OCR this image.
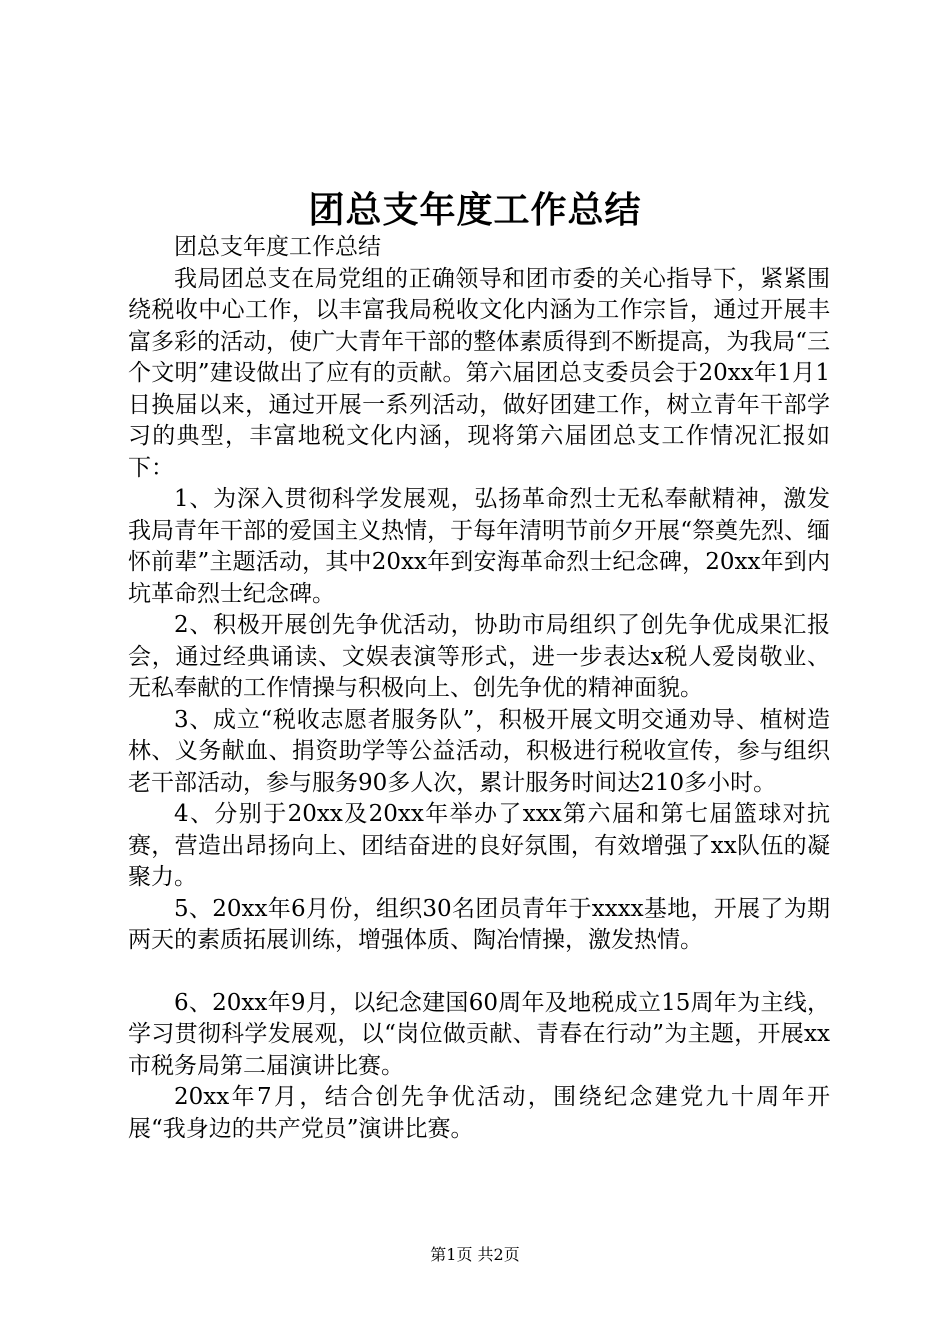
团总支年度工作总结

团总支年度工作总结

我局团总支在局党组的正确领导和团市委的关心指导下，紧紧围绕税收中心工作，以丰富我局税收文化内涵为工作宗旨，通过开展丰富多彩的活动，使广大青年干部的整体素质得到不断提高，为我局“三个文明”建设做出了应有的贡献。第六届团总支委员会于20xx年1月1日换届以来，通过开展一系列活动，做好团建工作，树立青年干部学习的典型，丰富地税文化内涵，现将第六届团总支工作情况汇报如下：

1、为深入贯彻科学发展观，弘扬革命烈士无私奉献精神，激发我局青年干部的爱国主义热情，于每年清明节前夕开展“祭奠先烈、缅怀前辈”主题活动，其中20xx年到安海革命烈士纪念碑，20xx年到内坑革命烈士纪念碑。

2、积极开展创先争优活动，协助市局组织了创先争优成果汇报会，通过经典诵读、文娱表演等形式，进一步表达x税人爱岗敬业、无私奉献的工作情操与积极向上、创先争优的精神面貌。

3、成立“税收志愿者服务队”，积极开展文明交通劝导、植树造林、义务献血、捐资助学等公益活动，积极进行税收宣传，参与组织老干部活动，参与服务90多人次，累计服务时间达210多小时。

4、分别于20xx及20xx年举办了xxx第六届和第七届篮球对抗赛，营造出昂扬向上、团结奋进的良好氛围，有效增强了xx队伍的凝聚力。

5、20xx年6月份，组织30名团员青年于xxxx基地，开展了为期两天的素质拓展训练，增强体质、陶冶情操，激发热情。

6、20xx年9月，以纪念建国60周年及地税成立15周年为主线，学习贯彻科学发展观，以“岗位做贡献、青春在行动”为主题，开展xx市税务局第二届演讲比赛。

20xx年7月，结合创先争优活动，围绕纪念建党九十周年开展“我身边的共产党员”演讲比赛。

第1页 共2页
